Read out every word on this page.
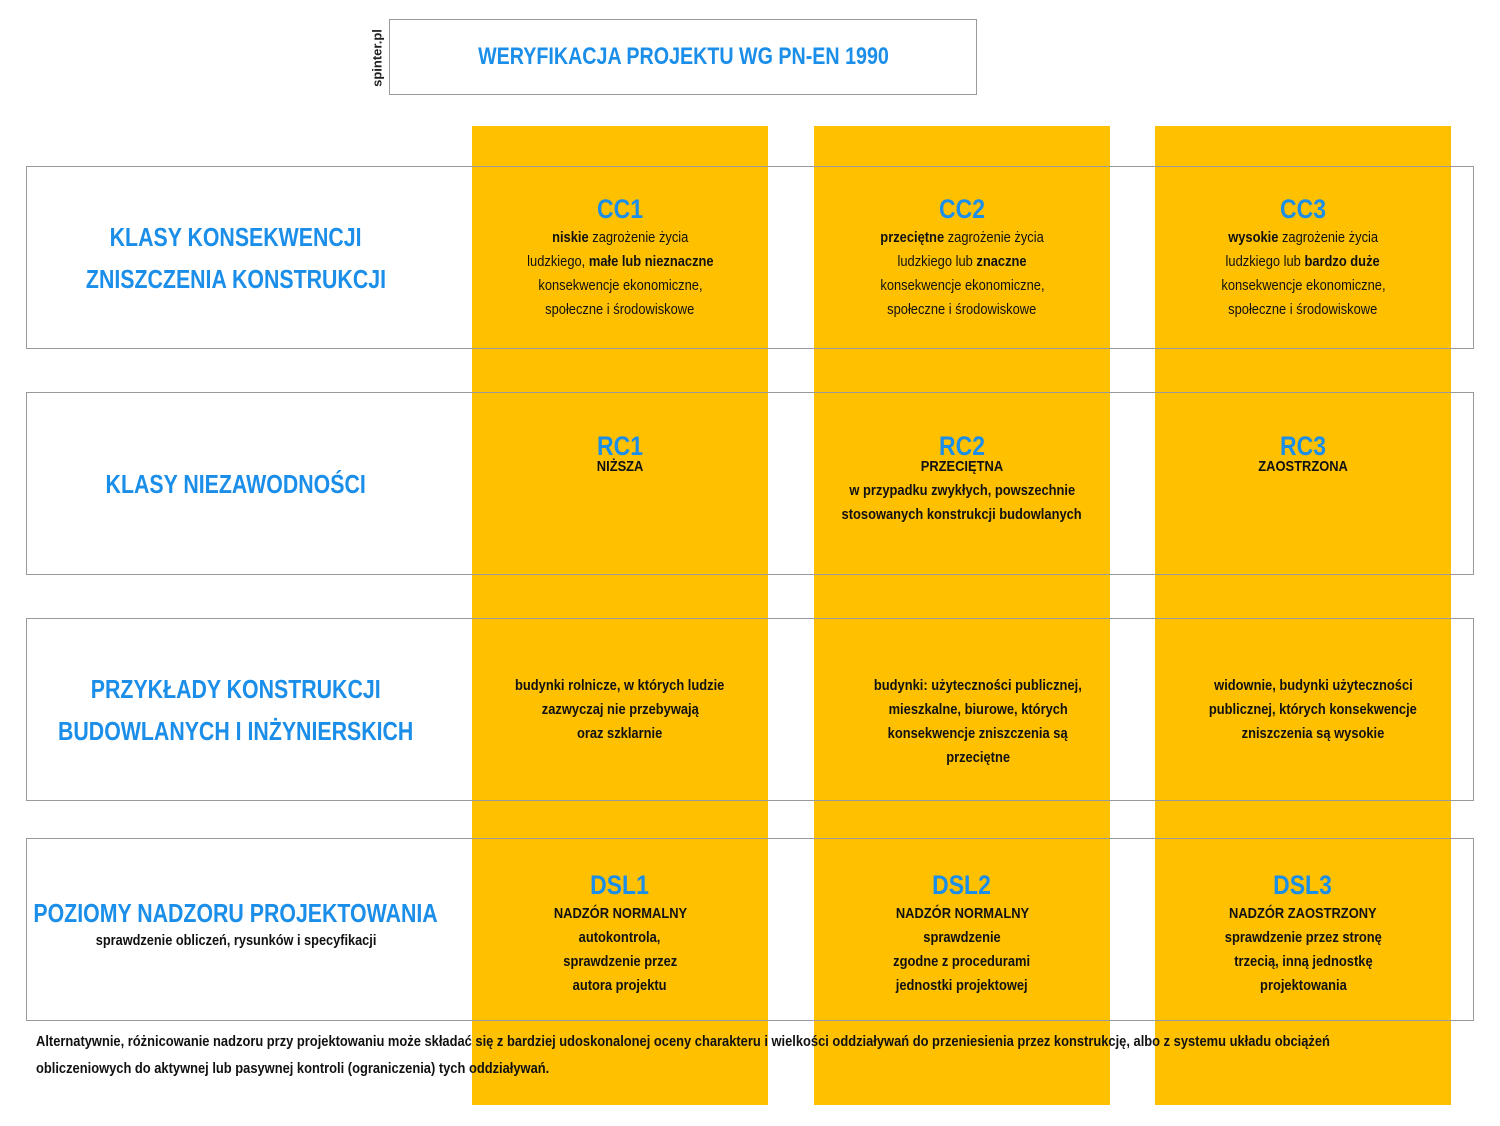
spinter.pl	WERYFIKACJA PROJEKTU WG PN-EN 1990
KLASY KONSEKWENCJI
ZNISZCZENIA KONSTRUKCJI
CC1
niskie zagrożenie życia
ludzkiego, małe lub nieznaczne
konsekwencje ekonomiczne,
społeczne i środowiskowe
CC2
przeciętne zagrożenie życia
ludzkiego lub znaczne
konsekwencje ekonomiczne,
społeczne i środowiskowe
CC3
wysokie zagrożenie życia
ludzkiego lub bardzo duże
konsekwencje ekonomiczne,
społeczne i środowiskowe
KLASY NIEZAWODNOŚCI
RC1
NIŻSZA
RC2
PRZECIĘTNA
w przypadku zwykłych, powszechnie
stosowanych konstrukcji budowlanych
RC3
ZAOSTRZONA
PRZYKŁADY KONSTRUKCJI
BUDOWLANYCH I INŻYNIERSKICH
budynki rolnicze, w których ludzie
zazwyczaj nie przebywają
oraz szklarnie
budynki: użyteczności publicznej,
mieszkalne, biurowe, których
konsekwencje zniszczenia są
przeciętne
widownie, budynki użyteczności
publicznej, których konsekwencje
zniszczenia są wysokie
POZIOMY NADZORU PROJEKTOWANIA
sprawdzenie obliczeń, rysunków i specyfikacji
DSL1
NADZÓR NORMALNY
autokontrola,
sprawdzenie przez
autora projektu
DSL2
NADZÓR NORMALNY
sprawdzenie
zgodne z procedurami
jednostki projektowej
DSL3
NADZÓR ZAOSTRZONY
sprawdzenie przez stronę
trzecią, inną jednostkę
projektowania
Alternatywnie, różnicowanie nadzoru przy projektowaniu może składać się z bardziej udoskonalonej oceny charakteru i wielkości oddziaływań do przeniesienia przez konstrukcję, albo z systemu układu obciążeń
obliczeniowych do aktywnej lub pasywnej kontroli (ograniczenia) tych oddziaływań.
